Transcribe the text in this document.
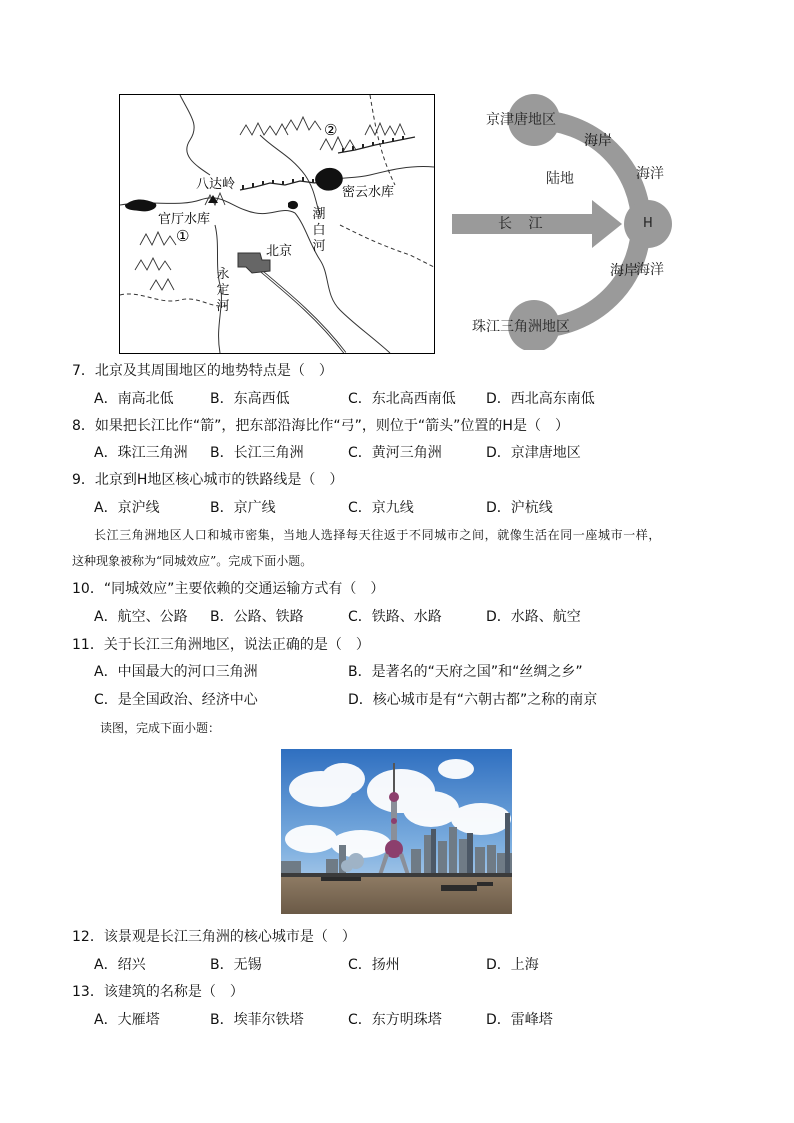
八达岭
官厅水库
①
②
密云水库
潮白河
北京
永定河
京津唐地区
珠江三角洲地区
陆地	海洋
海洋
长 江	H
海岸
海岸
7．北京及其周围地区的地势特点是（　）
A．南高北低	B．东高西低	C．东北高西南低 D．西北高东南低
8．如果把长江比作“箭”，把东部沿海比作“弓”，则位于“箭头”位置的H是（　）
A．珠江三角洲 B．长江三角洲	C．黄河三角洲	D．京津唐地区
9．北京到H地区核心城市的铁路线是（　）
A．京沪线	B．京广线	C．京九线	D．沪杭线
长江三角洲地区人口和城市密集，当地人选择每天往返于不同城市之间，就像生活在同一座城市一样，
这种现象被称为“同城效应”。完成下面小题。
10．“同城效应”主要依赖的交通运输方式有（　）
A．航空、公路 B．公路、铁路	C．铁路、水路	D．水路、航空
11．关于长江三角洲地区，说法正确的是（　）
A．中国最大的河口三角洲	B．是著名的“天府之国”和“丝绸之乡”
C．是全国政治、经济中心	D．核心城市是有“六朝古都”之称的南京
读图，完成下面小题：
12．该景观是长江三角洲的核心城市是（　）
A．绍兴	B．无锡	C．扬州	D．上海
13．该建筑的名称是（　）
A．大雁塔	B．埃菲尔铁塔	C．东方明珠塔	D．雷峰塔
